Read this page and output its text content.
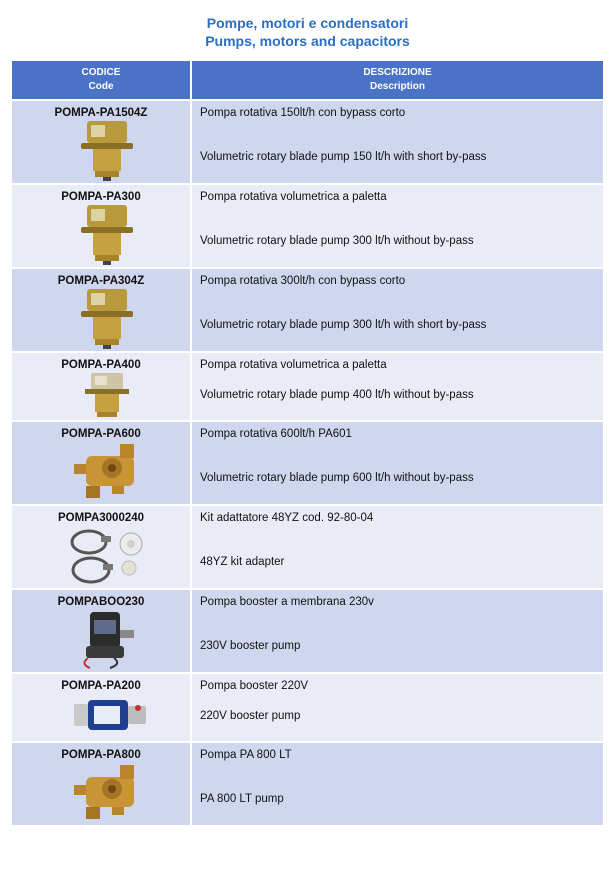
Pompe, motori e condensatori
Pumps, motors and capacitors
CODICE
Code
DESCRIZIONE
Description
POMPA-PA1504Z	Pompa rotativa 150lt/h con bypass corto
Volumetric rotary blade pump 150 lt/h with short by-pass
POMPA-PA300	Pompa rotativa volumetrica a paletta
Volumetric rotary blade pump 300 lt/h without by-pass
POMPA-PA304Z	Pompa rotativa 300lt/h con bypass corto
Volumetric rotary blade pump 300 lt/h with short by-pass
POMPA-PA400	Pompa rotativa volumetrica a paletta
Volumetric rotary blade pump 400 lt/h without by-pass
POMPA-PA600	Pompa rotativa 600lt/h PA601
Volumetric rotary blade pump 600 lt/h without by-pass
POMPA3000240	Kit adattatore 48YZ cod. 92-80-04
48YZ kit adapter
POMPABOO230	Pompa booster a membrana 230v
230V booster pump
POMPA-PA200	Pompa booster 220V
220V booster pump
POMPA-PA800	Pompa PA 800 LT
PA 800 LT pump
